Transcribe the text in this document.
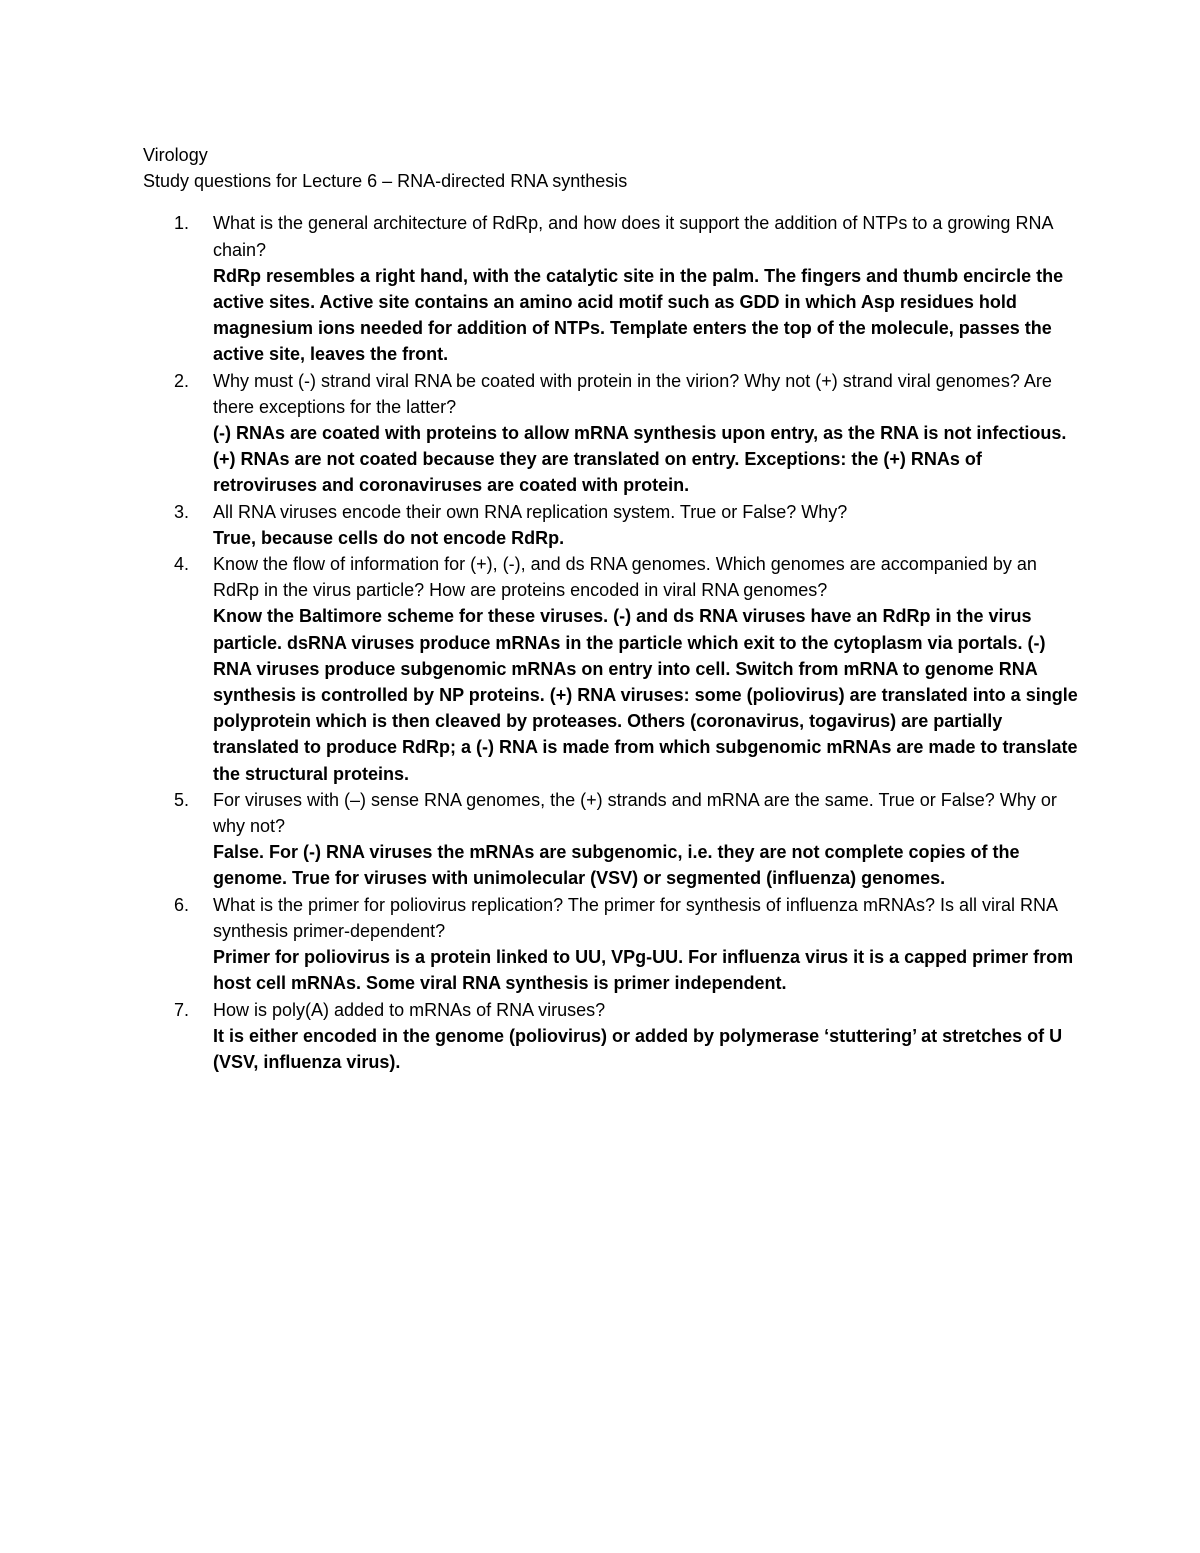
Virology

Study questions for Lecture 6 – RNA-directed RNA synthesis

1. What is the general architecture of RdRp, and how does it support the addition of NTPs to a growing RNA chain?
RdRp resembles a right hand, with the catalytic site in the palm. The fingers and thumb encircle the active sites. Active site contains an amino acid motif such as GDD in which Asp residues hold magnesium ions needed for addition of NTPs. Template enters the top of the molecule, passes the active site, leaves the front.
2. Why must (-) strand viral RNA be coated with protein in the virion? Why not (+) strand viral genomes? Are there exceptions for the latter?
(-) RNAs are coated with proteins to allow mRNA synthesis upon entry, as the RNA is not infectious. (+) RNAs are not coated because they are translated on entry. Exceptions: the (+) RNAs of retroviruses and coronaviruses are coated with protein.
3. All RNA viruses encode their own RNA replication system. True or False? Why?
True, because cells do not encode RdRp.
4. Know the flow of information for (+), (-), and ds RNA genomes. Which genomes are accompanied by an RdRp in the virus particle? How are proteins encoded in viral RNA genomes?
Know the Baltimore scheme for these viruses. (-) and ds RNA viruses have an RdRp in the virus particle. dsRNA viruses produce mRNAs in the particle which exit to the cytoplasm via portals. (-) RNA viruses produce subgenomic mRNAs on entry into cell. Switch from mRNA to genome RNA synthesis is controlled by NP proteins. (+) RNA viruses: some (poliovirus) are translated into a single polyprotein which is then cleaved by proteases. Others (coronavirus, togavirus) are partially translated to produce RdRp; a (-) RNA is made from which subgenomic mRNAs are made to translate the structural proteins.
5. For viruses with (–) sense RNA genomes, the (+) strands and mRNA are the same. True or False? Why or why not?
False. For (-) RNA viruses the mRNAs are subgenomic, i.e. they are not complete copies of the genome. True for viruses with unimolecular (VSV) or segmented (influenza) genomes.
6. What is the primer for poliovirus replication? The primer for synthesis of influenza mRNAs? Is all viral RNA synthesis primer-dependent?
Primer for poliovirus is a protein linked to UU, VPg-UU. For influenza virus it is a capped primer from host cell mRNAs. Some viral RNA synthesis is primer independent.
7. How is poly(A) added to mRNAs of RNA viruses?
It is either encoded in the genome (poliovirus) or added by polymerase ‘stuttering’ at stretches of U (VSV, influenza virus).
